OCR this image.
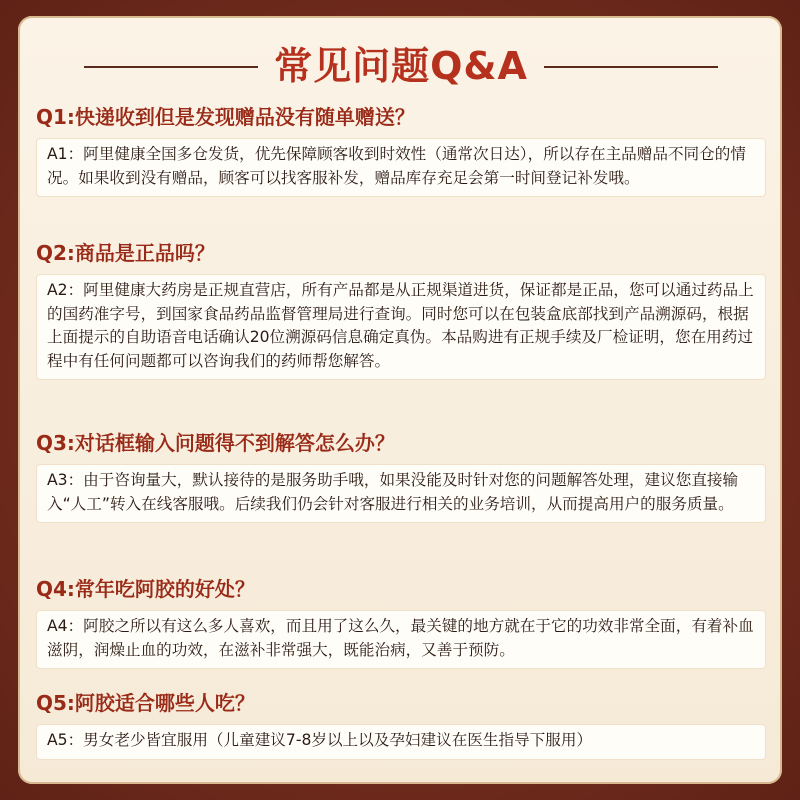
常见问题Q&A
Q1:快递收到但是发现赠品没有随单赠送？
A1：阿里健康全国多仓发货，优先保障顾客收到时效性（通常次日达），所以存在主品赠品不同仓的情况。如果收到没有赠品，顾客可以找客服补发，赠品库存充足会第一时间登记补发哦。
Q2:商品是正品吗？
A2：阿里健康大药房是正规直营店，所有产品都是从正规渠道进货，保证都是正品，您可以通过药品上的国药准字号，到国家食品药品监督管理局进行查询。同时您可以在包装盒底部找到产品溯源码，根据上面提示的自助语音电话确认20位溯源码信息确定真伪。本品购进有正规手续及厂检证明，您在用药过程中有任何问题都可以咨询我们的药师帮您解答。
Q3:对话框输入问题得不到解答怎么办？
A3：由于咨询量大，默认接待的是服务助手哦，如果没能及时针对您的问题解答处理，建议您直接输入“人工”转入在线客服哦。后续我们仍会针对客服进行相关的业务培训，从而提高用户的服务质量。
Q4:常年吃阿胶的好处？
A4：阿胶之所以有这么多人喜欢，而且用了这么久，最关键的地方就在于它的功效非常全面，有着补血滋阴，润燥止血的功效，在滋补非常强大，既能治病，又善于预防。
Q5:阿胶适合哪些人吃？
A5：男女老少皆宜服用（儿童建议7-8岁以上以及孕妇建议在医生指导下服用）
